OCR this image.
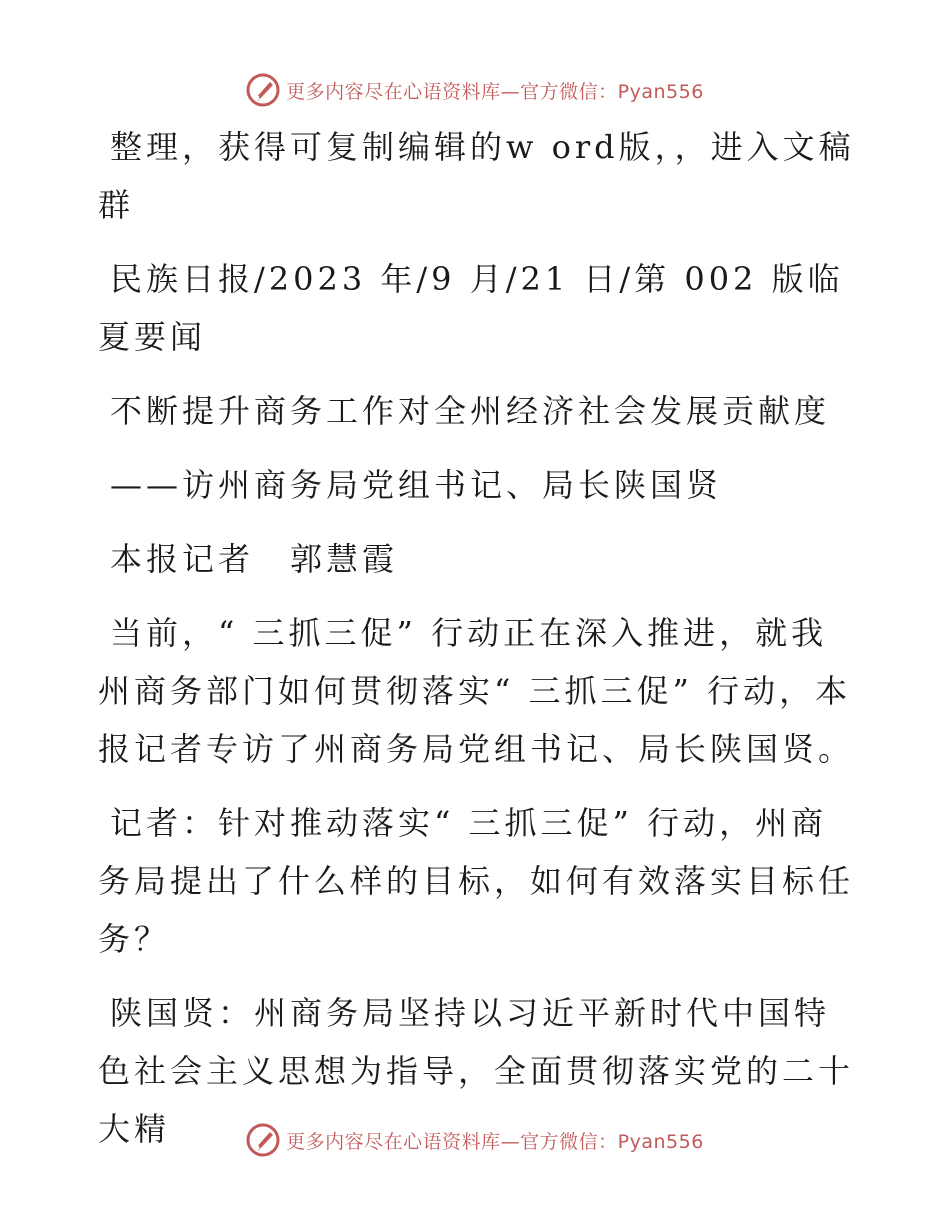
更多内容尽在心语资料库—官方微信：Pyan556

整理，获得可复制编辑的w ord版，，进入文稿群

民族日报/2023 年/9 月/21 日/第 002 版临夏要闻

不断提升商务工作对全州经济社会发展贡献度

——访州商务局党组书记、局长陕国贤

本报记者　郭慧霞

当前，“ 三抓三促” 行动正在深入推进，就我州商务部门如何贯彻落实“ 三抓三促” 行动，本报记者专访了州商务局党组书记、局长陕国贤。

记者：针对推动落实“ 三抓三促” 行动，州商务局提出了什么样的目标，如何有效落实目标任务？

陕国贤：州商务局坚持以习近平新时代中国特色社会主义思想为指导，全面贯彻落实党的二十大精	更多内容尽在心语资料库—官方微信：Pyan556
